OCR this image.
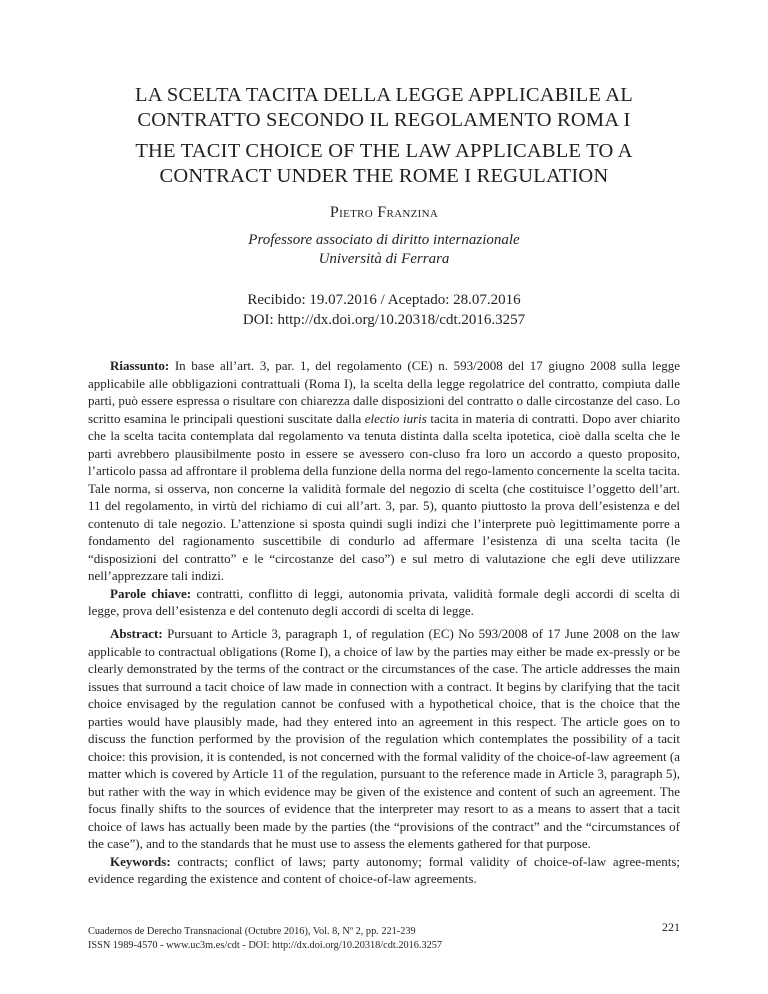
LA SCELTA TACITA DELLA LEGGE APPLICABILE AL
CONTRATTO SECONDO IL REGOLAMENTO ROMA I
THE TACIT CHOICE OF THE LAW APPLICABLE TO A
CONTRACT UNDER THE ROME I REGULATION
Pietro Franzina
Professore associato di diritto internazionale
Università di Ferrara
Recibido: 19.07.2016 / Aceptado: 28.07.2016
DOI: http://dx.doi.org/10.20318/cdt.2016.3257

Riassunto: In base all’art. 3, par. 1, del regolamento (CE) n. 593/2008 del 17 giugno 2008 sulla legge applicabile alle obbligazioni contrattuali (Roma I), la scelta della legge regolatrice del contratto, compiuta dalle parti, può essere espressa o risultare con chiarezza dalle disposizioni del contratto o dalle circostanze del caso. Lo scritto esamina le principali questioni suscitate dalla electio iuris tacita in materia di contratti. Dopo aver chiarito che la scelta tacita contemplata dal regolamento va tenuta distinta dalla scelta ipotetica, cioè dalla scelta che le parti avrebbero plausibilmente posto in essere se avessero con-cluso fra loro un accordo a questo proposito, l’articolo passa ad affrontare il problema della funzione della norma del rego-lamento concernente la scelta tacita. Tale norma, si osserva, non concerne la validità formale del negozio di scelta (che costituisce l’oggetto dell’art. 11 del regolamento, in virtù del richiamo di cui all’art. 3, par. 5), quanto piuttosto la prova dell’esistenza e del contenuto di tale negozio. L’attenzione si sposta quindi sugli indizi che l’interprete può legittimamente porre a fondamento del ragionamento suscettibile di condurlo ad affermare l’esistenza di una scelta tacita (le “disposizioni del contratto” e le “circostanze del caso”) e sul metro di valutazione che egli deve utilizzare nell’apprezzare tali indizi.

Parole chiave: contratti, conflitto di leggi, autonomia privata, validità formale degli accordi di scelta di legge, prova dell’esistenza e del contenuto degli accordi di scelta di legge.

Abstract: Pursuant to Article 3, paragraph 1, of regulation (EC) No 593/2008 of 17 June 2008 on the law applicable to contractual obligations (Rome I), a choice of law by the parties may either be made ex-pressly or be clearly demonstrated by the terms of the contract or the circumstances of the case. The article addresses the main issues that surround a tacit choice of law made in connection with a contract. It begins by clarifying that the tacit choice envisaged by the regulation cannot be confused with a hypothetical choice, that is the choice that the parties would have plausibly made, had they entered into an agreement in this respect. The article goes on to discuss the function performed by the provision of the regulation which contemplates the possibility of a tacit choice: this provision, it is contended, is not concerned with the formal validity of the choice-of-law agreement (a matter which is covered by Article 11 of the regulation, pursuant to the reference made in Article 3, paragraph 5), but rather with the way in which evidence may be given of the existence and content of such an agreement. The focus finally shifts to the sources of evidence that the interpreter may resort to as a means to assert that a tacit choice of laws has actually been made by the parties (the “provisions of the contract” and the “circumstances of the case”), and to the standards that he must use to assess the elements gathered for that purpose.

Keywords: contracts; conflict of laws; party autonomy; formal validity of choice-of-law agree-ments; evidence regarding the existence and content of choice-of-law agreements.

Cuadernos de Derecho Transnacional (Octubre 2016), Vol. 8, Nº 2, pp. 221-239
ISSN 1989-4570 - www.uc3m.es/cdt - DOI: http://dx.doi.org/10.20318/cdt.2016.3257
221
